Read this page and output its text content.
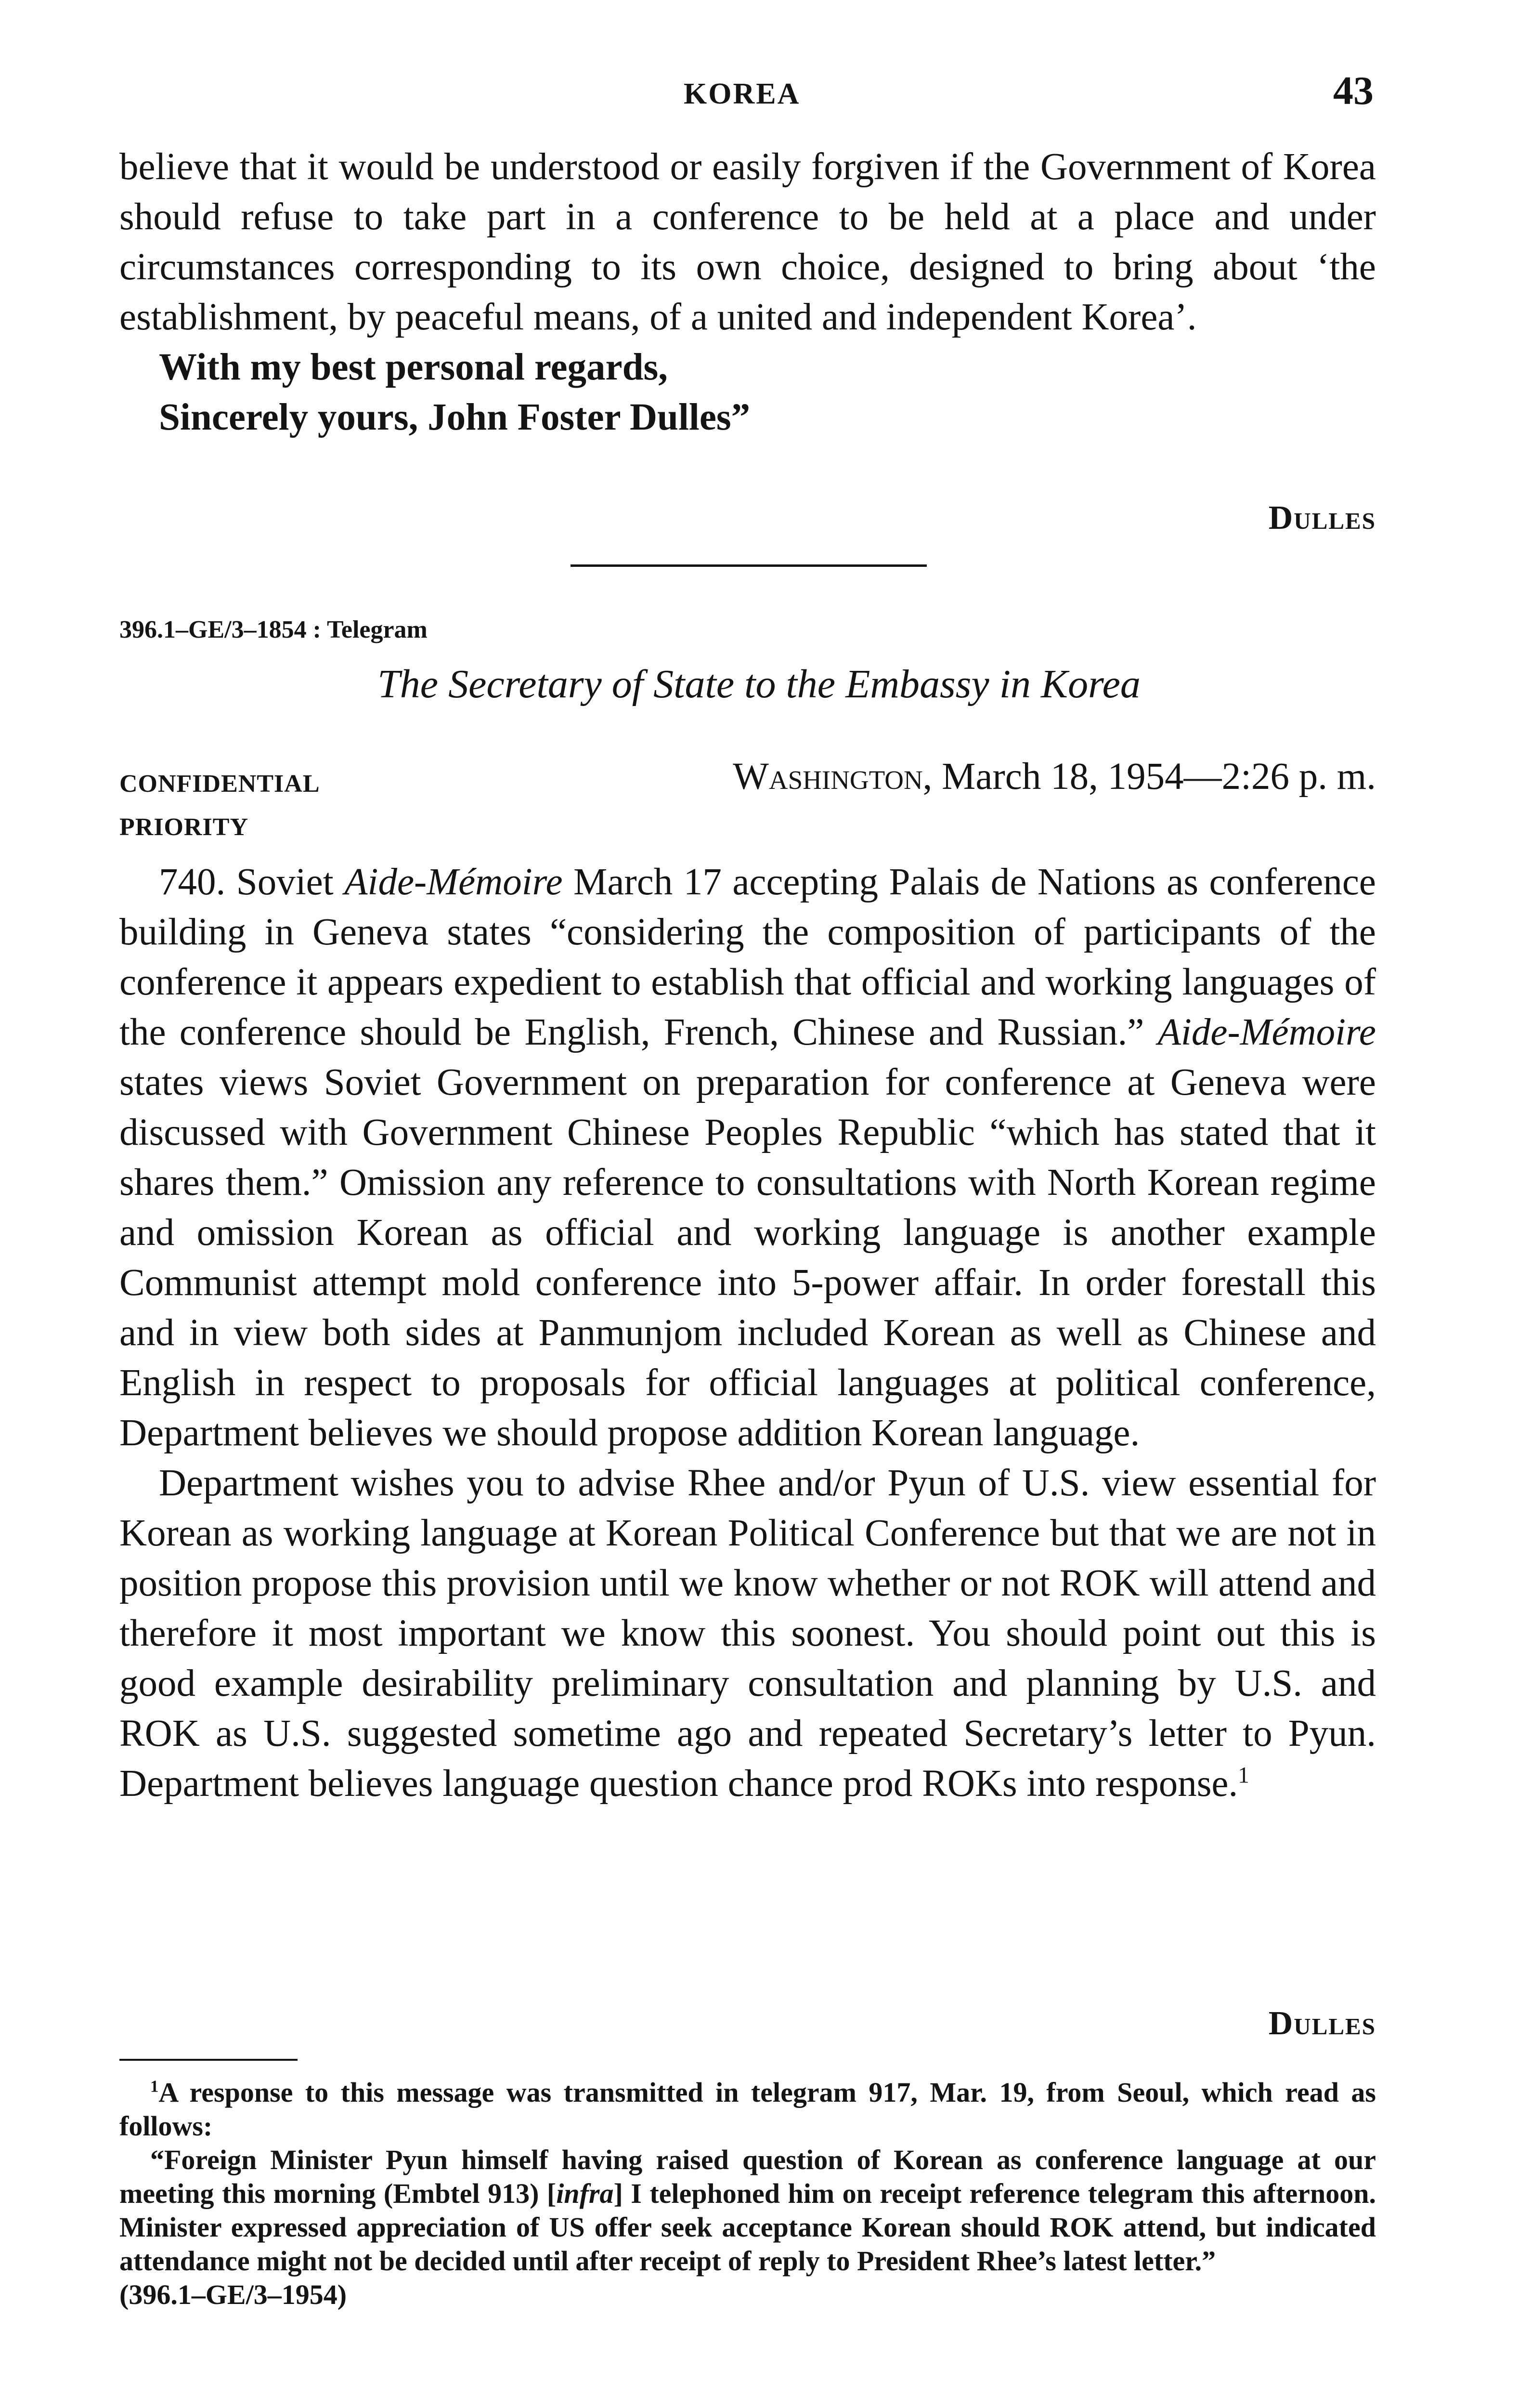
KOREA	43

believe that it would be understood or easily forgiven if the Government of Korea should refuse to take part in a conference to be held at a place and under circumstances corresponding to its own choice, designed to bring about ‘the establishment, by peaceful means, of a united and independent Korea’.

With my best personal regards,

Sincerely yours, John Foster Dulles”

Dulles
396.1–GE/3–1854 : Telegram
The Secretary of State to the Embassy in Korea
CONFIDENTIAL	Washington, March 18, 1954—2:26 p. m.
PRIORITY

740. Soviet Aide-Mémoire March 17 accepting Palais de Nations as conference building in Geneva states “considering the composition of participants of the conference it appears expedient to establish that official and working languages of the conference should be English, French, Chinese and Russian.” Aide-Mémoire states views Soviet Government on preparation for conference at Geneva were discussed with Government Chinese Peoples Republic “which has stated that it shares them.” Omission any reference to consultations with North Korean regime and omission Korean as official and working language is another example Communist attempt mold conference into 5-power affair. In order forestall this and in view both sides at Panmunjom included Korean as well as Chinese and English in respect to proposals for official languages at political conference, Department believes we should propose addition Korean language.

Department wishes you to advise Rhee and/or Pyun of U.S. view essential for Korean as working language at Korean Political Conference but that we are not in position propose this provision until we know whether or not ROK will attend and therefore it most important we know this soonest. You should point out this is good example desirability preliminary consultation and planning by U.S. and ROK as U.S. suggested sometime ago and repeated Secretary’s letter to Pyun. Department believes language question chance prod ROKs into response.$^1$

Dulles

$^1$A response to this message was transmitted in telegram 917, Mar. 19, from Seoul, which read as follows:

“Foreign Minister Pyun himself having raised question of Korean as conference language at our meeting this morning (Embtel 913) [infra] I telephoned him on receipt reference telegram this afternoon. Minister expressed appreciation of US offer seek acceptance Korean should ROK attend, but indicated attendance might not be decided until after receipt of reply to President Rhee’s latest letter.”

(396.1–GE/3–1954)
